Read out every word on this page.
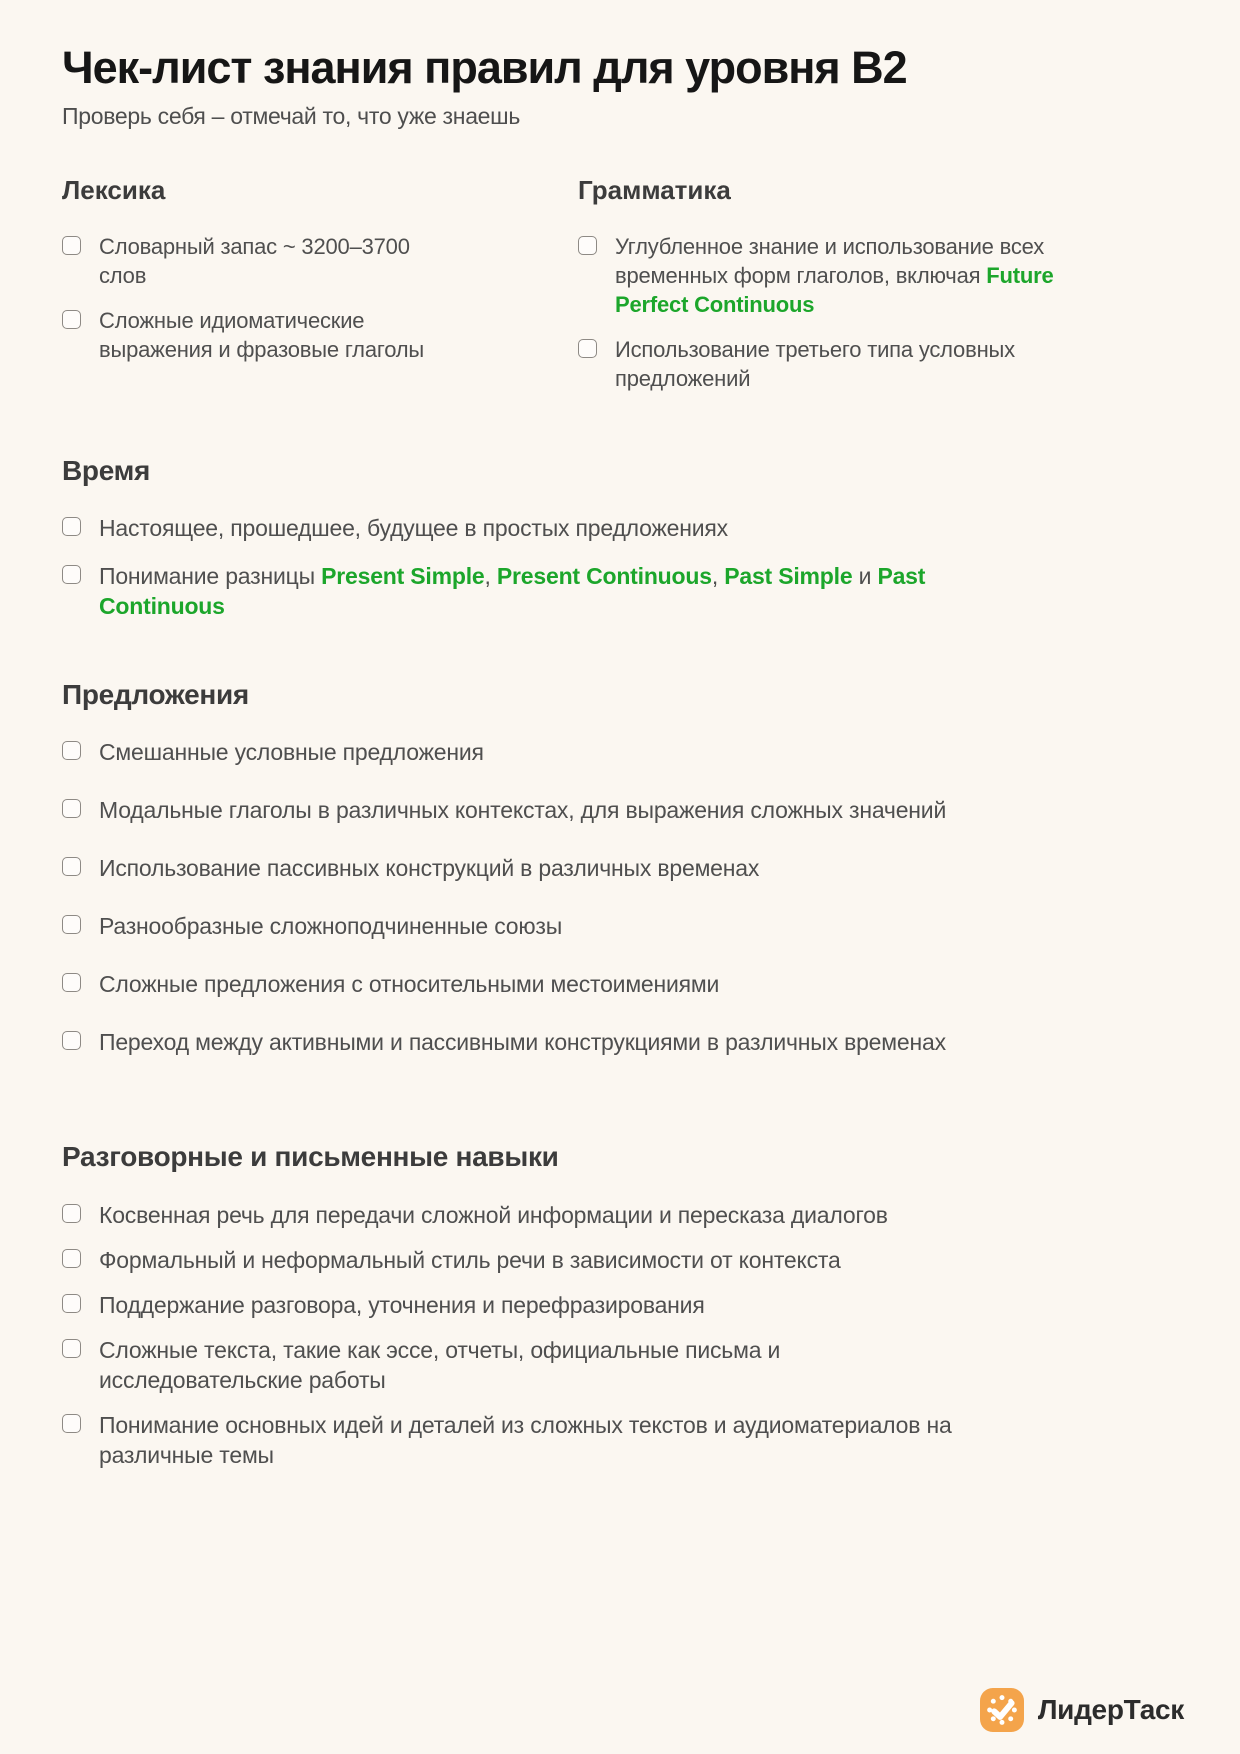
Чек-лист знания правил для уровня B2

Проверь себя – отмечай то, что уже знаешь

Лексика
Словарный запас ~ 3200–3700 слов
Сложные идиоматические выражения и фразовые глаголы
Грамматика
Углубленное знание и использование всех временных форм глаголов, включая Future Perfect Continuous
Использование третьего типа условных предложений
Время
Настоящее, прошедшее, будущее в простых предложениях
Понимание разницы Present Simple, Present Continuous, Past Simple и Past Continuous
Предложения
Смешанные условные предложения
Модальные глаголы в различных контекстах, для выражения сложных значений
Использование пассивных конструкций в различных временах
Разнообразные сложноподчиненные союзы
Сложные предложения с относительными местоимениями
Переход между активными и пассивными конструкциями в различных временах
Разговорные и письменные навыки
Косвенная речь для передачи сложной информации и пересказа диалогов
Формальный и неформальный стиль речи в зависимости от контекста
Поддержание разговора, уточнения и перефразирования
Сложные текста, такие как эссе, отчеты, официальные письма и исследовательские работы
Понимание основных идей и деталей из сложных текстов и аудиоматериалов на различные темы
ЛидерТаск
